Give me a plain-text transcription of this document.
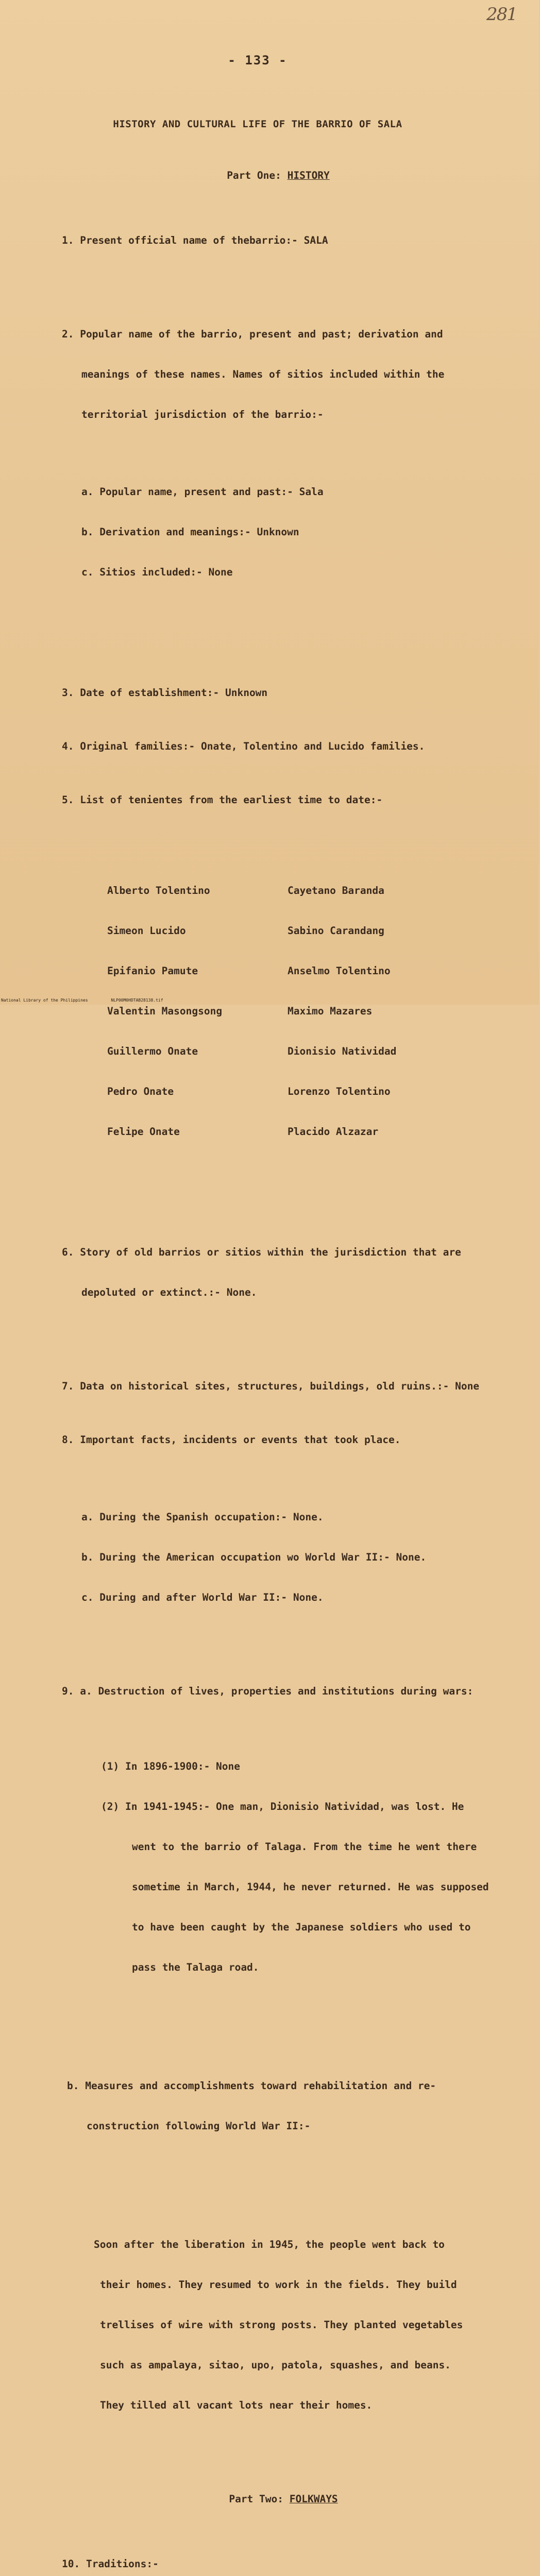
281

- 133 -

HISTORY AND CULTURAL LIFE OF THE BARRIO OF SALA

Part One: HISTORY

1. Present official name of thebarrio:- SALA

2. Popular name of the barrio, present and past; derivation and

meanings of these names. Names of sitios included within the

territorial jurisdiction of the barrio:-

a. Popular name, present and past:- Sala

b. Derivation and meanings:- Unknown

c. Sitios included:- None

3. Date of establishment:- Unknown

4. Original families:- Onate, Tolentino and Lucido families.

5. List of tenientes from the earliest time to date:-

Alberto Tolentino

Simeon Lucido

Epifanio Pamute

Valentin Masongsong

Guillermo Onate

Pedro Onate

Felipe Onate

Cayetano Baranda

Sabino Carandang

Anselmo Tolentino

Maximo Mazares

Dionisio Natividad

Lorenzo Tolentino

Placido Alzazar

6. Story of old barrios or sitios within the jurisdiction that are

depoluted or extinct.:- None.

7. Data on historical sites, structures, buildings, old ruins.:- None

8. Important facts, incidents or events that took place.

a. During the Spanish occupation:- None.

b. During the American occupation wo World War II:- None.

c. During and after World War II:- None.

9. a. Destruction of lives, properties and institutions during wars:

(1) In 1896-1900:- None

(2) In 1941-1945:- One man, Dionisio Natividad, was lost. He

went to the barrio of Talaga. From the time he went there

sometime in March, 1944, he never returned. He was supposed

to have been caught by the Japanese soldiers who used to

pass the Talaga road.

b. Measures and accomplishments toward rehabilitation and re-

construction following World War II:-

Soon after the liberation in 1945, the people went back to

their homes. They resumed to work in the fields. They build

trellises of wire with strong posts. They planted vegetables

such as ampalaya, sitao, upo, patola, squashes, and beans.

They tilled all vacant lots near their homes.

Part Two: FOLKWAYS

10. Traditions:-

National Library of the Philippines	NLP00M0HDTAB28138.tif
